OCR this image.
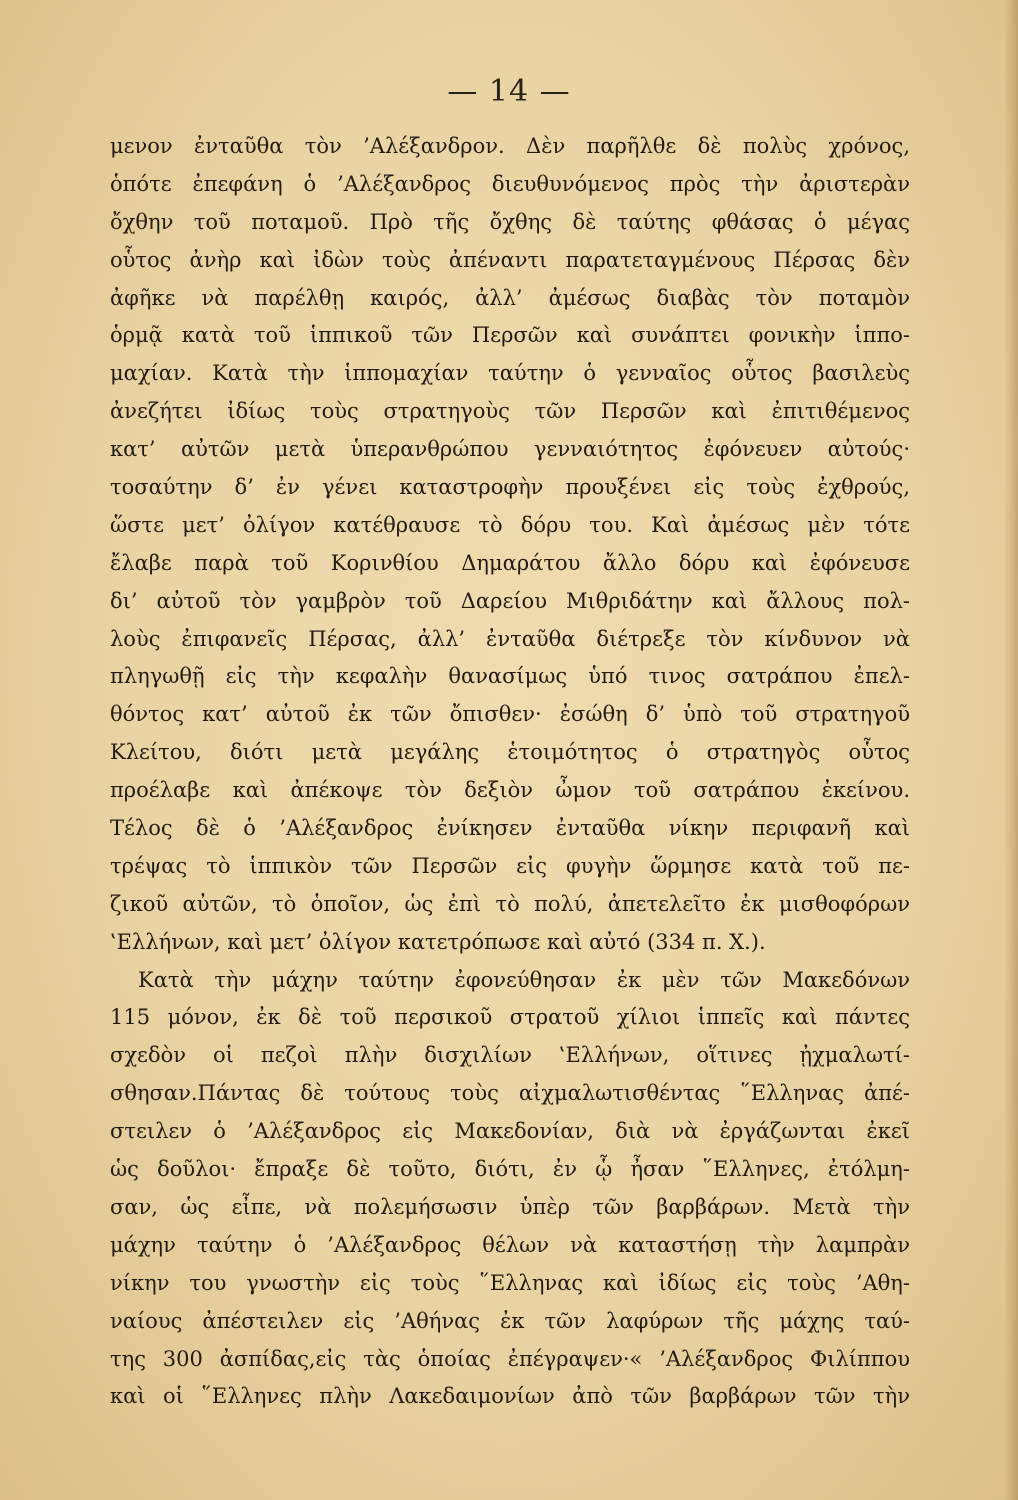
— 14 —
μενον ἐνταῦθα τὸν ’Αλέξανδρον. Δὲν παρῆλθε δὲ πολὺς χρόνος,
ὁπότε ἐπεφάνη ὁ ’Αλέξανδρος διευθυνόμενος πρὸς τὴν ἀριστερὰν
ὄχθην τοῦ ποταμοῦ. Πρὸ τῆς ὄχθης δὲ ταύτης φθάσας ὁ μέγας
οὗτος ἀνὴρ καὶ ἰδὼν τοὺς ἀπέναντι παρατεταγμένους Πέρσας δὲν
ἀφῆκε νὰ παρέλθῃ καιρός, ἀλλ’ ἀμέσως διαβὰς τὸν ποταμὸν
ὁρμᾷ κατὰ τοῦ ἱππικοῦ τῶν Περσῶν καὶ συνάπτει φονικὴν ἱππο-
μαχίαν. Κατὰ τὴν ἱππομαχίαν ταύτην ὁ γενναῖος οὗτος βασιλεὺς
ἀνεζήτει ἰδίως τοὺς στρατηγοὺς τῶν Περσῶν καὶ ἐπιτιθέμενος
κατ’ αὐτῶν μετὰ ὑπερανθρώπου γενναιότητος ἐφόνευεν αὐτούς·
τοσαύτην δ’ ἐν γένει καταστροφὴν προυξένει εἰς τοὺς ἐχθρούς,
ὥστε μετ’ ὀλίγον κατέθραυσε τὸ δόρυ του. Καὶ ἀμέσως μὲν τότε
ἔλαβε παρὰ τοῦ Κορινθίου Δημαράτου ἄλλο δόρυ καὶ ἐφόνευσε
δι’ αὐτοῦ τὸν γαμβρὸν τοῦ Δαρείου Μιθριδάτην καὶ ἄλλους πολ-
λοὺς ἐπιφανεῖς Πέρσας, ἀλλ’ ἐνταῦθα διέτρεξε τὸν κίνδυνον νὰ
πληγωθῇ εἰς τὴν κεφαλὴν θανασίμως ὑπό τινος σατράπου ἐπελ-
θόντος κατ’ αὐτοῦ ἐκ τῶν ὄπισθεν· ἐσώθη δ’ ὑπὸ τοῦ στρατηγοῦ
Κλείτου, διότι μετὰ μεγάλης ἑτοιμότητος ὁ στρατηγὸς οὗτος
προέλαβε καὶ ἀπέκοψε τὸν δεξιὸν ὦμον τοῦ σατράπου ἐκείνου.
Τέλος δὲ ὁ ’Αλέξανδρος ἐνίκησεν ἐνταῦθα νίκην περιφανῆ καὶ
τρέψας τὸ ἱππικὸν τῶν Περσῶν εἰς φυγὴν ὥρμησε κατὰ τοῦ πε-
ζικοῦ αὐτῶν, τὸ ὁποῖον, ὡς ἐπὶ τὸ πολύ, ἀπετελεῖτο ἐκ μισθοφόρων
‛Ελλήνων, καὶ μετ’ ὀλίγον κατετρόπωσε καὶ αὐτό (334 π. Χ.).
Κατὰ τὴν μάχην ταύτην ἐφονεύθησαν ἐκ μὲν τῶν Μακεδόνων
115 μόνον, ἐκ δὲ τοῦ περσικοῦ στρατοῦ χίλιοι ἱππεῖς καὶ πάντες
σχεδὸν οἱ πεζοὶ πλὴν δισχιλίων ‛Ελλήνων, οἵτινες ᾐχμαλωτί-
σθησαν.Πάντας δὲ τούτους τοὺς αἰχμαλωτισθέντας ῞Ελληνας ἀπέ-
στειλεν ὁ ’Αλέξανδρος εἰς Μακεδονίαν, διὰ νὰ ἐργάζωνται ἐκεῖ
ὡς δοῦλοι· ἔπραξε δὲ τοῦτο, διότι, ἐν ᾧ ἦσαν ῞Ελληνες, ἐτόλμη-
σαν, ὡς εἶπε, νὰ πολεμήσωσιν ὑπὲρ τῶν βαρβάρων. Μετὰ τὴν
μάχην ταύτην ὁ ’Αλέξανδρος θέλων νὰ καταστήσῃ τὴν λαμπρὰν
νίκην του γνωστὴν εἰς τοὺς ῞Ελληνας καὶ ἰδίως εἰς τοὺς ’Αθη-
ναίους ἀπέστειλεν εἰς ’Αθήνας ἐκ τῶν λαφύρων τῆς μάχης ταύ-
της 300 ἀσπίδας,εἰς τὰς ὁποίας ἐπέγραψεν·« ’Αλέξανδρος Φιλίππου
καὶ οἱ ῞Ελληνες πλὴν Λακεδαιμονίων ἀπὸ τῶν βαρβάρων τῶν τὴν
